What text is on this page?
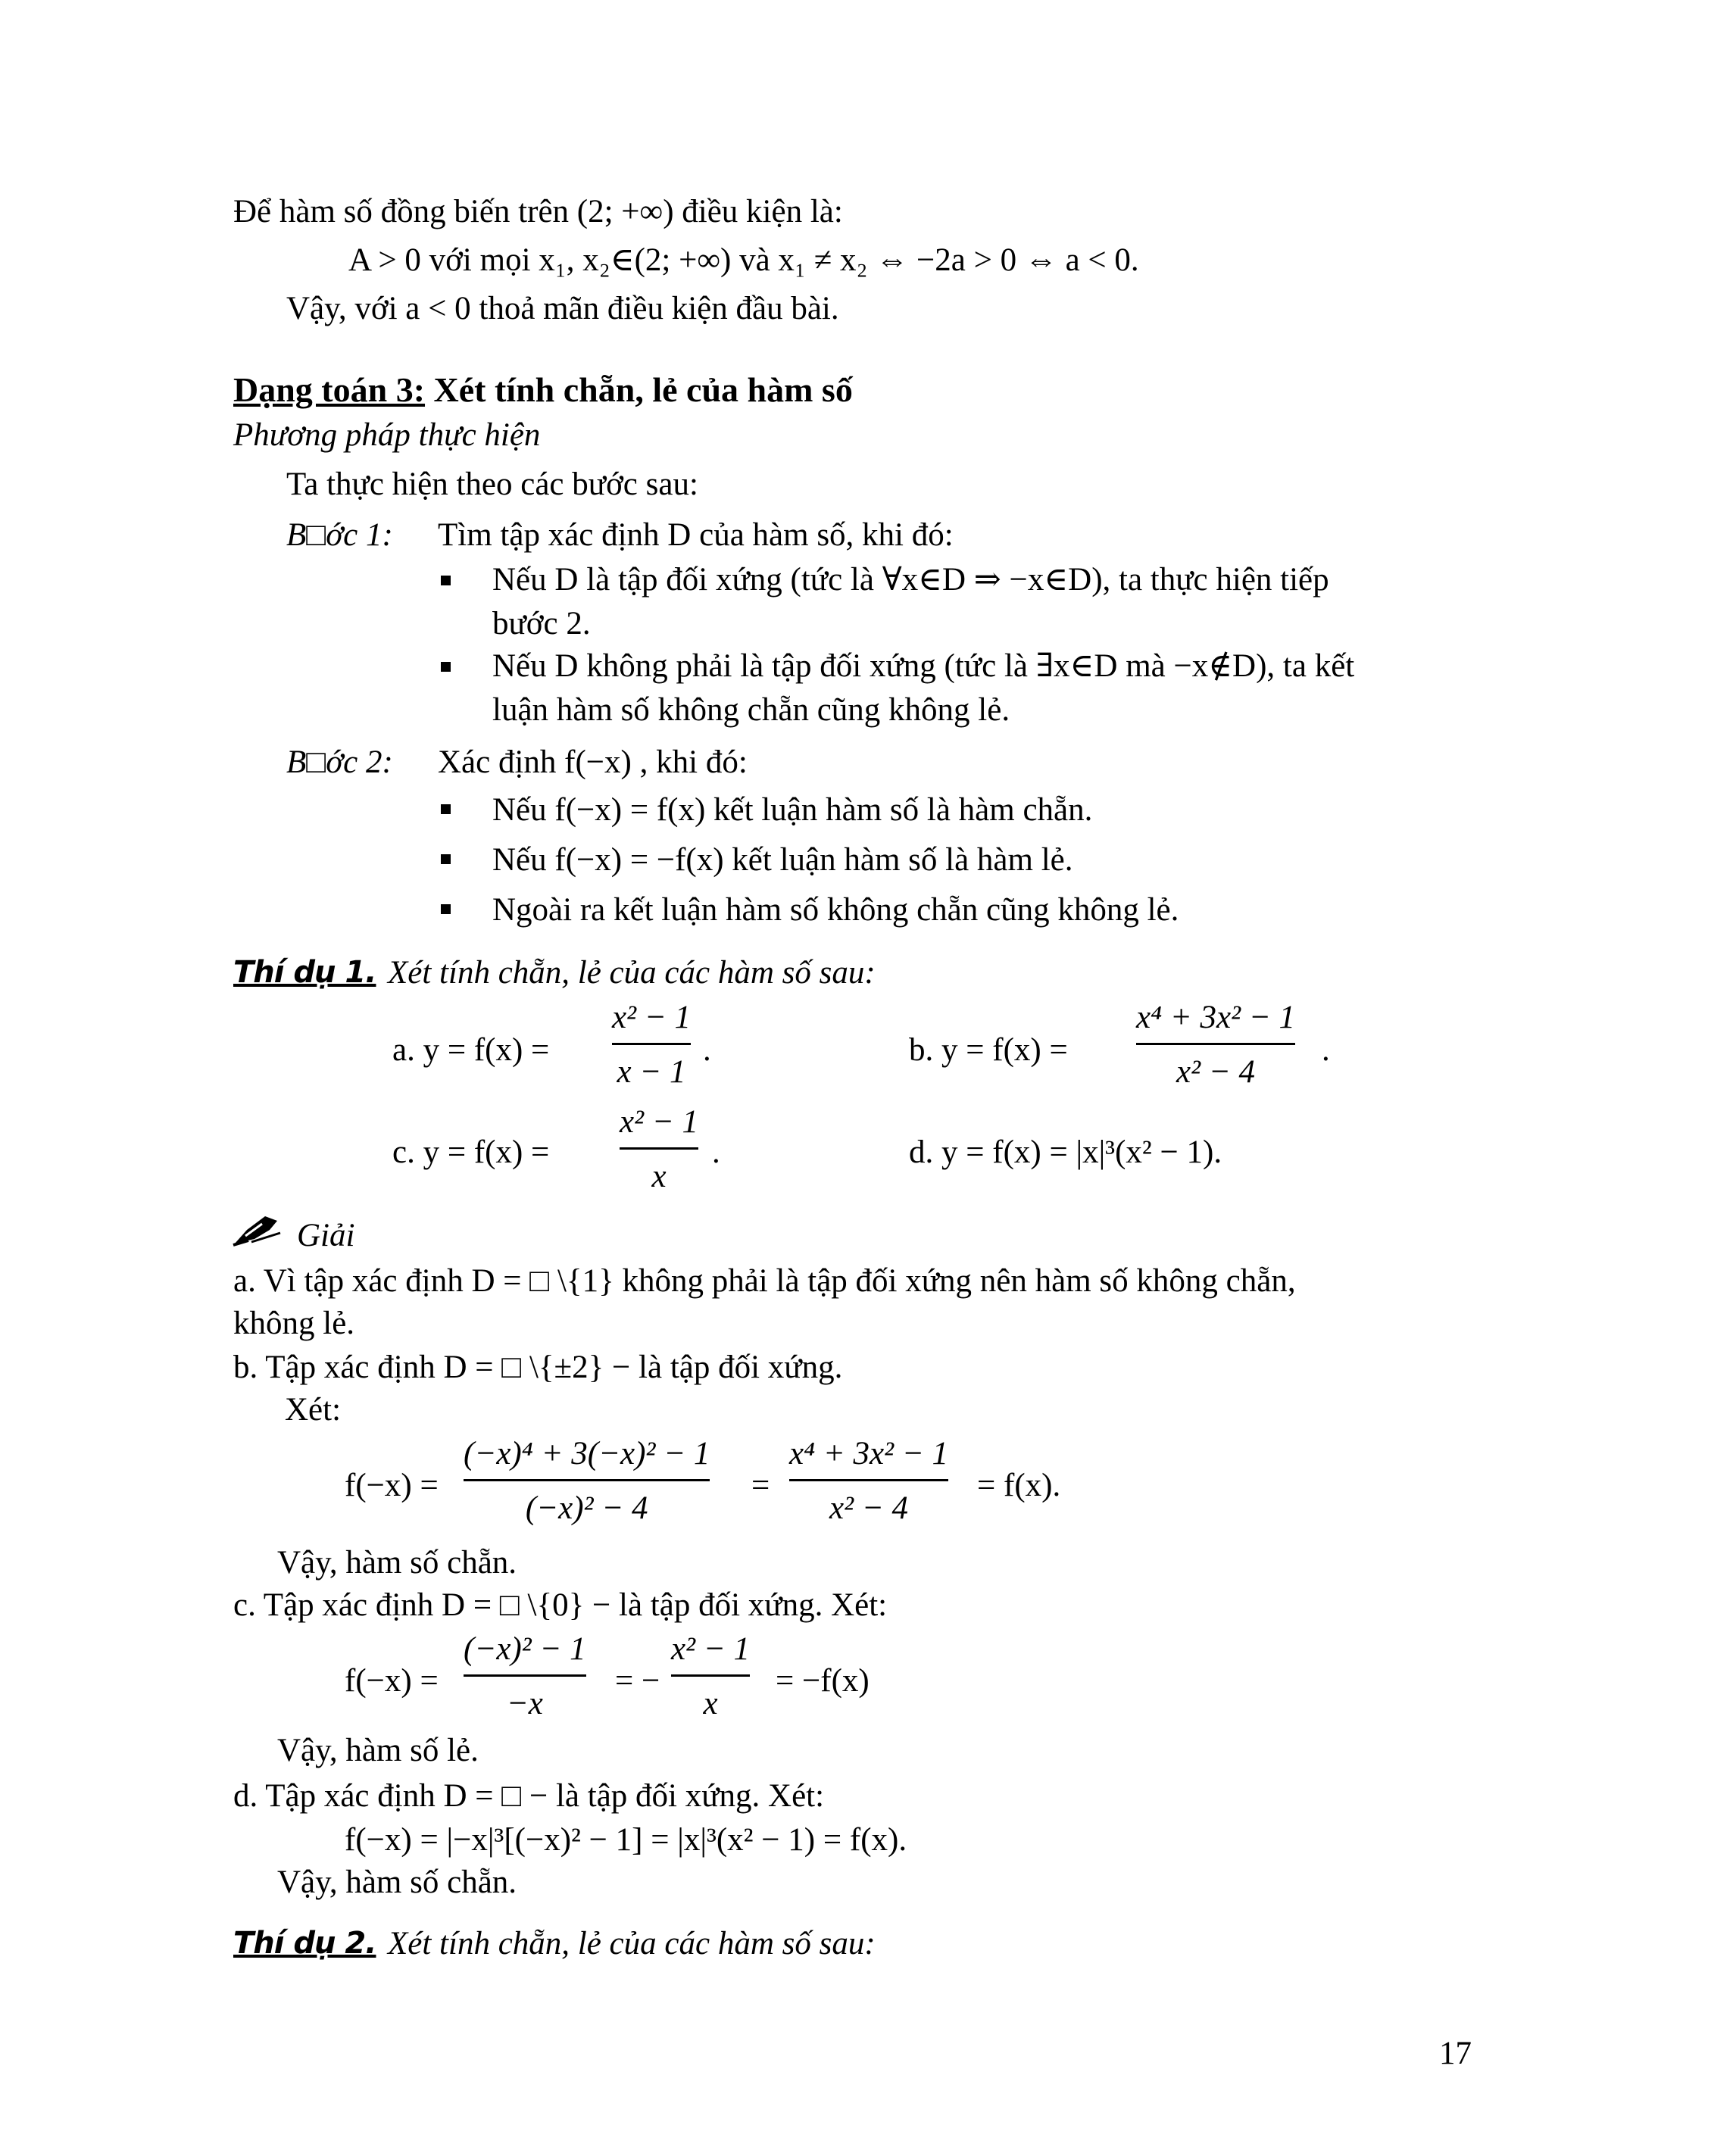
Để hàm số đồng biến trên (2; +∞) điều kiện là:
A > 0 với mọi x₁, x₂∈(2; +∞) và x₁ ≠ x₂ ⇔ −2a > 0 ⇔ a < 0.
Vậy, với a < 0 thoả mãn điều kiện đầu bài.
Dạng toán 3: Xét tính chẵn, lẻ của hàm số
Phương pháp thực hiện
Ta thực hiện theo các bước sau:
B□ớc 1: Tìm tập xác định D của hàm số, khi đó:
Nếu D là tập đối xứng (tức là ∀x∈D ⇒ −x∈D), ta thực hiện tiếp
bước 2.
Nếu D không phải là tập đối xứng (tức là ∃x∈D mà −x∉D), ta kết
luận hàm số không chẵn cũng không lẻ.
B□ớc 2: Xác định f(−x) , khi đó:
Nếu f(−x) = f(x) kết luận hàm số là hàm chẵn.
Nếu f(−x) = −f(x) kết luận hàm số là hàm lẻ.
Ngoài ra kết luận hàm số không chẵn cũng không lẻ.
Thí dụ 1. Xét tính chẵn, lẻ của các hàm số sau:
a. y = f(x) =
x² − 1
x − 1
.	b. y = f(x) =
x⁴ + 3x² − 1
x² − 4
.
c. y = f(x) =
x² − 1
x
.	d. y = f(x) = |x|³(x² − 1).
Giải
a. Vì tập xác định D = □ \{1} không phải là tập đối xứng nên hàm số không chẵn,
không lẻ.
b. Tập xác định D = □ \{±2} − là tập đối xứng.
Xét:
f(−x) =
(−x)⁴ + 3(−x)² − 1
(−x)² − 4
=
x⁴ + 3x² − 1
x² − 4
= f(x).
Vậy, hàm số chẵn.
c. Tập xác định D = □ \{0} − là tập đối xứng. Xét:
f(−x) =
(−x)² − 1
−x
= −
x² − 1
x
= −f(x)
Vậy, hàm số lẻ.
d. Tập xác định D = □ − là tập đối xứng. Xét:
f(−x) = |−x|³[(−x)² − 1] = |x|³(x² − 1) = f(x).
Vậy, hàm số chẵn.
Thí dụ 2. Xét tính chẵn, lẻ của các hàm số sau:
17
